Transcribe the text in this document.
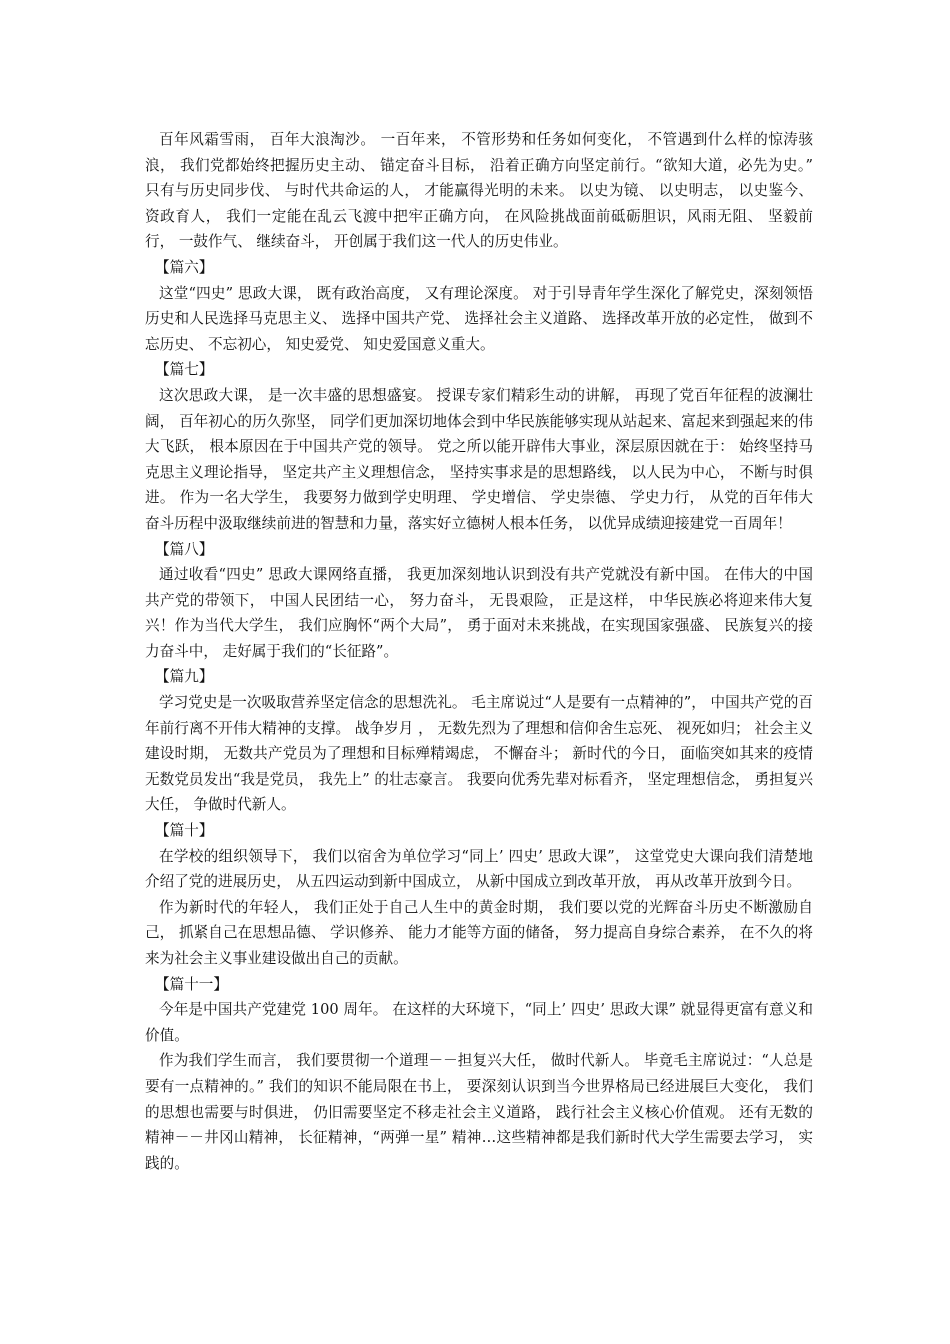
百年风霜雪雨， 百年大浪淘沙。 一百年来， 不管形势和任务如何变化， 不管遇到什么样的惊涛骇浪， 我们党都始终把握历史主动、 锚定奋斗目标， 沿着正确方向坚定前行。“欲知大道，必先为史。” 只有与历史同步伐、 与时代共命运的人， 才能赢得光明的未来。 以史为镜、 以史明志， 以史鉴今、 资政育人， 我们一定能在乱云飞渡中把牢正确方向， 在风险挑战面前砥砺胆识，风雨无阻、 坚毅前行， 一鼓作气、 继续奋斗， 开创属于我们这一代人的历史伟业。

【篇六】

这堂“四史” 思政大课， 既有政治高度， 又有理论深度。 对于引导青年学生深化了解党史，深刻领悟历史和人民选择马克思主义、 选择中国共产党、 选择社会主义道路、 选择改革开放的必定性， 做到不忘历史、 不忘初心， 知史爱党、 知史爱国意义重大。

【篇七】

这次思政大课， 是一次丰盛的思想盛宴。 授课专家们精彩生动的讲解， 再现了党百年征程的波澜壮阔， 百年初心的历久弥坚， 同学们更加深切地体会到中华民族能够实现从站起来、富起来到强起来的伟大飞跃， 根本原因在于中国共产党的领导。 党之所以能开辟伟大事业，深层原因就在于： 始终坚持马克思主义理论指导， 坚定共产主义理想信念， 坚持实事求是的思想路线， 以人民为中心， 不断与时俱进。 作为一名大学生， 我要努力做到学史明理、 学史增信、 学史崇德、 学史力行， 从党的百年伟大奋斗历程中汲取继续前进的智慧和力量，落实好立德树人根本任务， 以优异成绩迎接建党一百周年！

【篇八】

通过收看“四史” 思政大课网络直播， 我更加深刻地认识到没有共产党就没有新中国。 在伟大的中国共产党的带领下， 中国人民团结一心， 努力奋斗， 无畏艰险， 正是这样， 中华民族必将迎来伟大复兴！作为当代大学生， 我们应胸怀“两个大局”， 勇于面对未来挑战，在实现国家强盛、 民族复兴的接力奋斗中， 走好属于我们的“长征路”。

【篇九】

学习党史是一次吸取营养坚定信念的思想洗礼。 毛主席说过“人是要有一点精神的”， 中国共产党的百年前行离不开伟大精神的支撑。 战争岁月 ， 无数先烈为了理想和信仰舍生忘死、 视死如归； 社会主义建设时期， 无数共产党员为了理想和目标殚精竭虑， 不懈奋斗； 新时代的今日， 面临突如其来的疫情无数党员发出“我是党员， 我先上” 的壮志豪言。 我要向优秀先辈对标看齐， 坚定理想信念， 勇担复兴大任， 争做时代新人。

【篇十】

在学校的组织领导下， 我们以宿舍为单位学习“同上’ 四史’ 思政大课”， 这堂党史大课向我们清楚地介绍了党的进展历史， 从五四运动到新中国成立， 从新中国成立到改革开放， 再从改革开放到今日。

作为新时代的年轻人， 我们正处于自己人生中的黄金时期， 我们要以党的光辉奋斗历史不断激励自己， 抓紧自己在思想品德、 学识修养、 能力才能等方面的储备， 努力提高自身综合素养， 在不久的将来为社会主义事业建设做出自己的贡献。

【篇十一】

今年是中国共产党建党 100 周年。 在这样的大环境下，“同上’ 四史’ 思政大课” 就显得更富有意义和价值。

作为我们学生而言， 我们要贯彻一个道理－－担复兴大任， 做时代新人。 毕竟毛主席说过：“人总是要有一点精神的。” 我们的知识不能局限在书上， 要深刻认识到当今世界格局已经进展巨大变化， 我们的思想也需要与时俱进， 仍旧需要坚定不移走社会主义道路， 践行社会主义核心价值观。 还有无数的精神－－井冈山精神， 长征精神，“两弹一星” 精神…这些精神都是我们新时代大学生需要去学习， 实践的。
